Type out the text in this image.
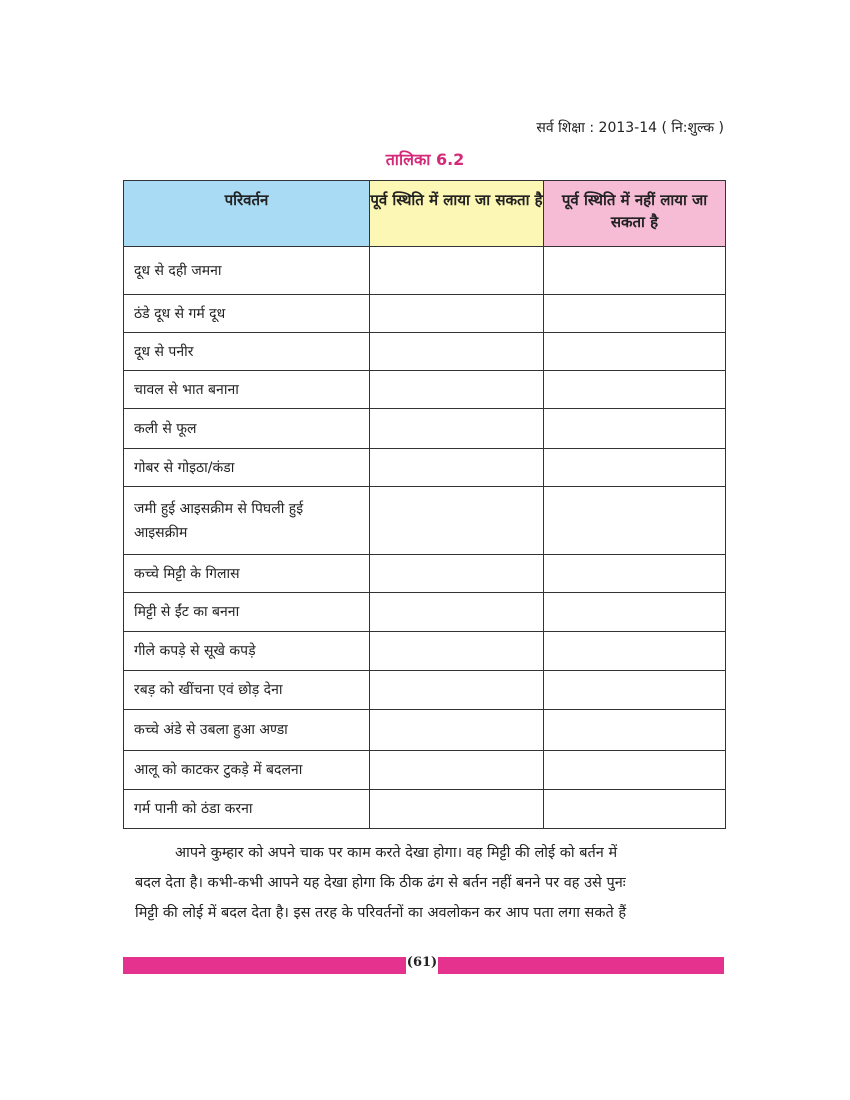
सर्व शिक्षा : 2013-14 ( नि:शुल्क )
तालिका 6.2
परिवर्तन	पूर्व स्थिति में लाया जा सकता है	पूर्व स्थिति में नहीं लाया जा सकता है
दूध से दही जमना		
ठंडे दूध से गर्म दूध		
दूध से पनीर		
चावल से भात बनाना		
कली से फूल		
गोबर से गोइठा/कंडा		
जमी हुई आइसक्रीम से पिघली हुई आइसक्रीम		
कच्चे मिट्टी के गिलास		
मिट्टी से ईंट का बनना		
गीले कपड़े से सूखे कपड़े		
रबड़ को खींचना एवं छोड़ देना		
कच्चे अंडे से उबला हुआ अण्डा		
आलू को काटकर टुकड़े में बदलना		
गर्म पानी को ठंडा करना		
आपने कुम्हार को अपने चाक पर काम करते देखा होगा। वह मिट्टी की लोई को बर्तन में
बदल देता है। कभी-कभी आपने यह देखा होगा कि ठीक ढंग से बर्तन नहीं बनने पर वह उसे पुनः
मिट्टी की लोई में बदल देता है। इस तरह के परिवर्तनों का अवलोकन कर आप पता लगा सकते हैं
(61)
